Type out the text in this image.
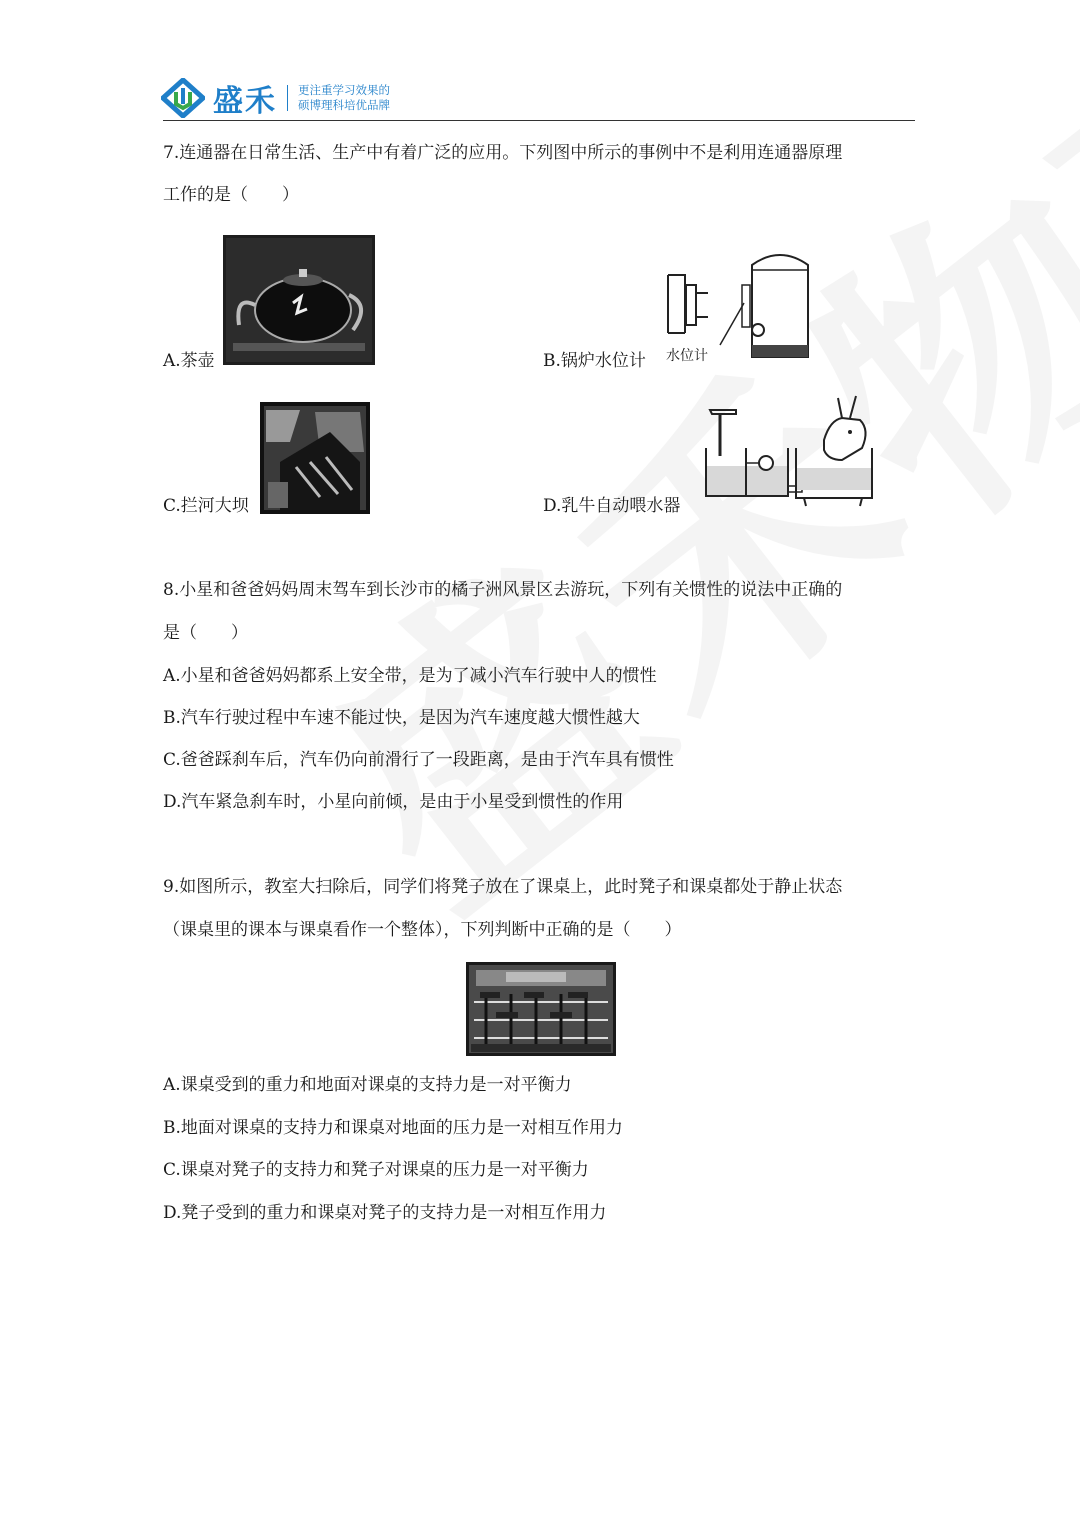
盛禾 更注重学习效果的
硕博理科培优品牌
7.连通器在日常生活、生产中有着广泛的应用。下列图中所示的事例中不是利用连通器原理
工作的是（　　）
A.茶壶	水位计
B.锅炉水位计
C.拦河大坝	D.乳牛自动喂水器
8.小星和爸爸妈妈周末驾车到长沙市的橘子洲风景区去游玩，下列有关惯性的说法中正确的
是（　　）
A.小星和爸爸妈妈都系上安全带，是为了减小汽车行驶中人的惯性
B.汽车行驶过程中车速不能过快，是因为汽车速度越大惯性越大
C.爸爸踩刹车后，汽车仍向前滑行了一段距离，是由于汽车具有惯性
D.汽车紧急刹车时，小星向前倾，是由于小星受到惯性的作用
9.如图所示，教室大扫除后，同学们将凳子放在了课桌上，此时凳子和课桌都处于静止状态
（课桌里的课本与课桌看作一个整体），下列判断中正确的是（　　）
A.课桌受到的重力和地面对课桌的支持力是一对平衡力
B.地面对课桌的支持力和课桌对地面的压力是一对相互作用力
C.课桌对凳子的支持力和凳子对课桌的压力是一对平衡力
D.凳子受到的重力和课桌对凳子的支持力是一对相互作用力
